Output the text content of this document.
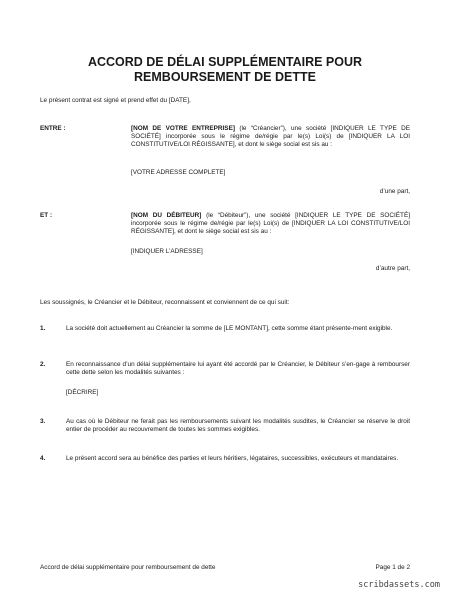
ACCORD DE DÉLAI SUPPLÉMENTAIRE POUR
REMBOURSEMENT DE DETTE
Le présent contrat est signé et prend effet du [DATE],
ENTRE :	[NOM DE VOTRE ENTREPRISE] (le “Créancier”), une société [INDIQUER LE TYPE DE SOCIÉTÉ] incorporée sous le régime de/régie par le(s) Loi(s) de [INDIQUER LA LOI CONSTITUTIVE/LOI RÉGISSANTE], et dont le siège social est sis au :
[VOTRE ADRESSE COMPLETE]
d’une part,
ET :	[NOM DU DÉBITEUR] (le “Débiteur”), une société [INDIQUER LE TYPE DE SOCIÉTÉ] incorporée sous le régime de/régie par le(s) Loi(s) de [INDIQUER LA LOI CONSTITUTIVE/LOI RÉGISSANTE], et dont le siège social est sis au :
[INDIQUER L’ADRESSE]
d’autre part,
Les soussignés, le Créancier et le Débiteur, reconnaissent et conviennent de ce qui suit:
1.	La société doit actuellement au Créancier la somme de [LE MONTANT], cette somme étant présente-ment exigible.
2.	En reconnaissance d’un délai supplémentaire lui ayant été accordé par le Créancier, le Débiteur s’en-gage à rembourser cette dette selon les modalités suivantes :
[DÉCRIRE]
3.	Au cas où le Débiteur ne ferait pas les remboursements suivant les modalités susdites, le Créancier se réserve le droit entier de procéder au recouvrement de toutes les sommes exigibles.
4.	Le présent accord sera au bénéfice des parties et leurs héritiers, légataires, successibles, exécuteurs et mandataires.
Accord de délai supplémentaire pour remboursement de dette	Page 1 de 2
scribdassets.com
